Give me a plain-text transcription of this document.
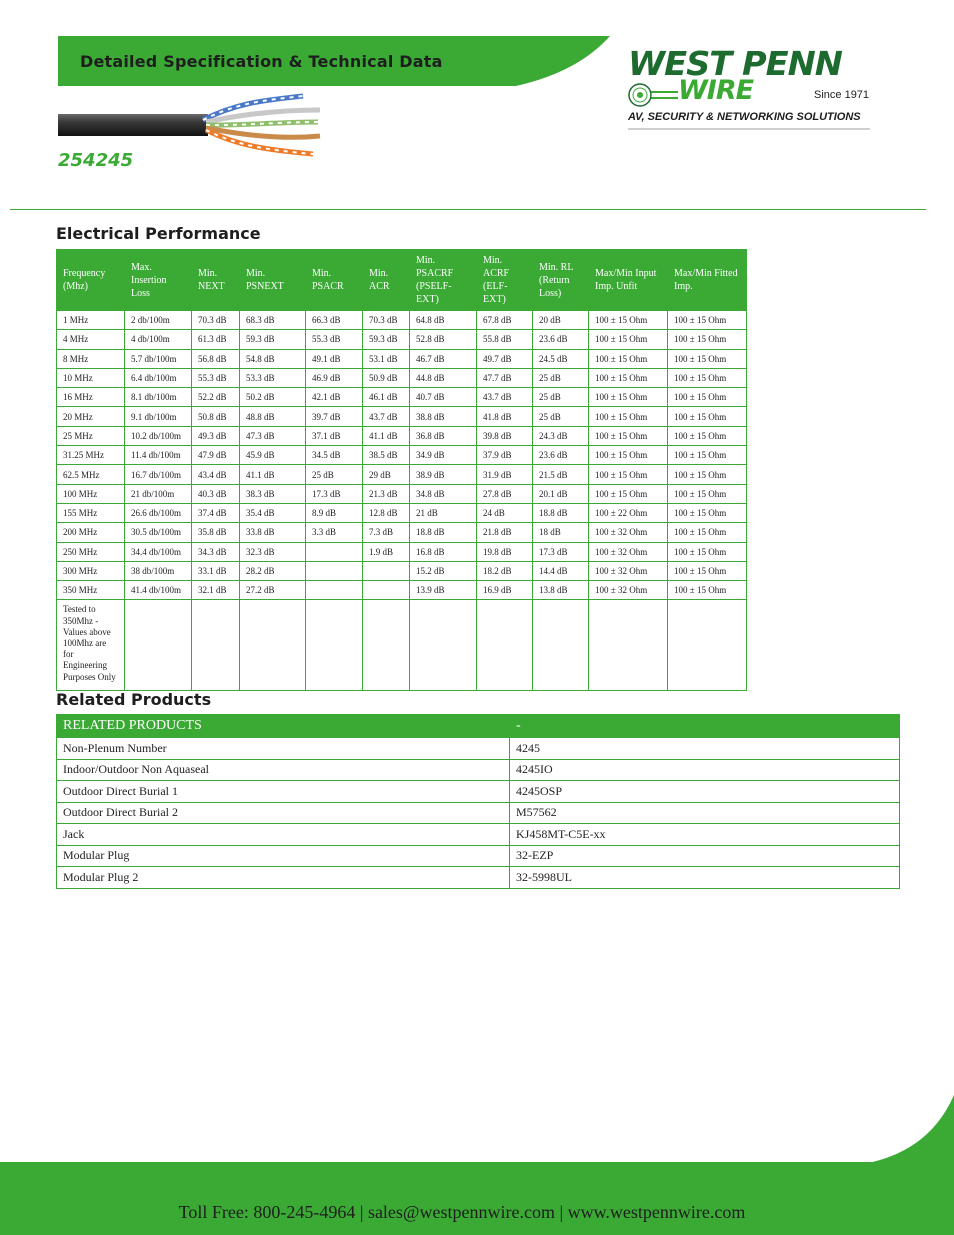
Detailed Specification & Technical Data
254245
WEST PENN
WIRE	Since 1971
AV, SECURITY & NETWORKING SOLUTIONS
Electrical Performance
Frequency (Mhz)	Max. Insertion Loss	Min. NEXT	Min. PSNEXT	Min. PSACR	Min. ACR	Min. PSACRF (PSELF-EXT)	Min. ACRF (ELF-EXT)	Min. RL (Return Loss)	Max/Min Input Imp. Unfit	Max/Min Fitted Imp.
1 MHz	2 db/100m	70.3 dB	68.3 dB	66.3 dB	70.3 dB	64.8 dB	67.8 dB	20 dB	100 ± 15 Ohm	100 ± 15 Ohm
4 MHz	4 db/100m	61.3 dB	59.3 dB	55.3 dB	59.3 dB	52.8 dB	55.8 dB	23.6 dB	100 ± 15 Ohm	100 ± 15 Ohm
8 MHz	5.7 db/100m	56.8 dB	54.8 dB	49.1 dB	53.1 dB	46.7 dB	49.7 dB	24.5 dB	100 ± 15 Ohm	100 ± 15 Ohm
10 MHz	6.4 db/100m	55.3 dB	53.3 dB	46.9 dB	50.9 dB	44.8 dB	47.7 dB	25 dB	100 ± 15 Ohm	100 ± 15 Ohm
16 MHz	8.1 db/100m	52.2 dB	50.2 dB	42.1 dB	46.1 dB	40.7 dB	43.7 dB	25 dB	100 ± 15 Ohm	100 ± 15 Ohm
20 MHz	9.1 db/100m	50.8 dB	48.8 dB	39.7 dB	43.7 dB	38.8 dB	41.8 dB	25 dB	100 ± 15 Ohm	100 ± 15 Ohm
25 MHz	10.2 db/100m	49.3 dB	47.3 dB	37.1 dB	41.1 dB	36.8 dB	39.8 dB	24.3 dB	100 ± 15 Ohm	100 ± 15 Ohm
31.25 MHz	11.4 db/100m	47.9 dB	45.9 dB	34.5 dB	38.5 dB	34.9 dB	37.9 dB	23.6 dB	100 ± 15 Ohm	100 ± 15 Ohm
62.5 MHz	16.7 db/100m	43.4 dB	41.1 dB	25 dB	29 dB	38.9 dB	31.9 dB	21.5 dB	100 ± 15 Ohm	100 ± 15 Ohm
100 MHz	21 db/100m	40.3 dB	38.3 dB	17.3 dB	21.3 dB	34.8 dB	27.8 dB	20.1 dB	100 ± 15 Ohm	100 ± 15 Ohm
155 MHz	26.6 db/100m	37.4 dB	35.4 dB	8.9 dB	12.8 dB	21 dB	24 dB	18.8 dB	100 ± 22 Ohm	100 ± 15 Ohm
200 MHz	30.5 db/100m	35.8 dB	33.8 dB	3.3 dB	7.3 dB	18.8 dB	21.8 dB	18 dB	100 ± 32 Ohm	100 ± 15 Ohm
250 MHz	34.4 db/100m	34.3 dB	32.3 dB		1.9 dB	16.8 dB	19.8 dB	17.3 dB	100 ± 32 Ohm	100 ± 15 Ohm
300 MHz	38 db/100m	33.1 dB	28.2 dB			15.2 dB	18.2 dB	14.4 dB	100 ± 32 Ohm	100 ± 15 Ohm
350 MHz	41.4 db/100m	32.1 dB	27.2 dB			13.9 dB	16.9 dB	13.8 dB	100 ± 32 Ohm	100 ± 15 Ohm
Tested to 350Mhz - Values above 100Mhz are for Engineering Purposes Only										
Related Products
RELATED PRODUCTS	-
Non-Plenum Number	4245
Indoor/Outdoor Non Aquaseal	4245IO
Outdoor Direct Burial 1	4245OSP
Outdoor Direct Burial 2	M57562
Jack	KJ458MT-C5E-xx
Modular Plug	32-EZP
Modular Plug 2	32-5998UL
Toll Free: 800-245-4964 | sales@westpennwire.com | www.westpennwire.com
